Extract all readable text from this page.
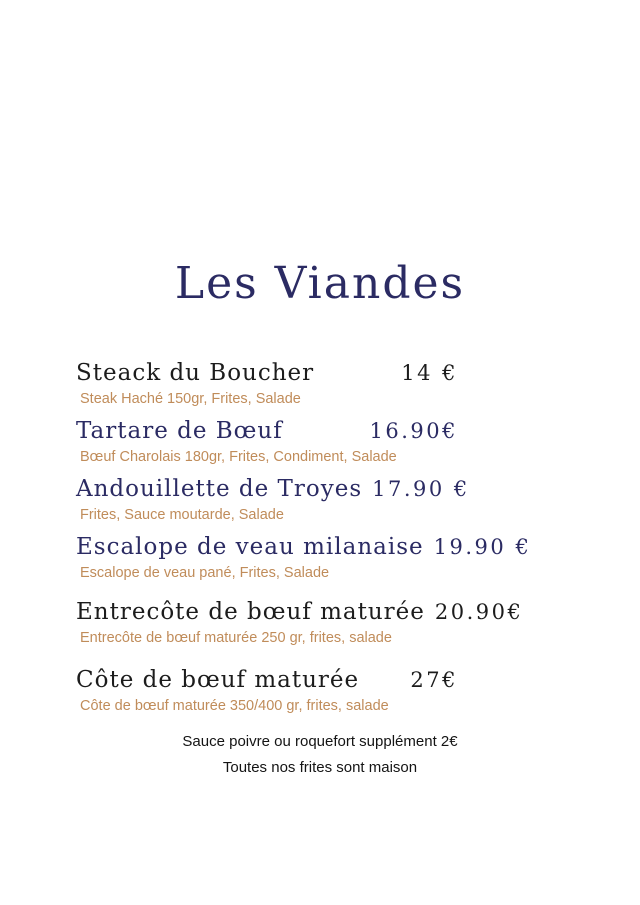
Les Viandes
Steack du Boucher	14 €
Steak Haché 150gr, Frites, Salade
Tartare de Bœuf	16.90€
Bœuf Charolais 180gr, Frites, Condiment, Salade
Andouillette de Troyes 17.90 €
Frites, Sauce moutarde, Salade
Escalope de veau milanaise 19.90 €
Escalope de veau pané, Frites, Salade
Entrecôte de bœuf maturée 20.90€
Entrecôte de bœuf maturée 250 gr, frites, salade
Côte de bœuf maturée 27€
Côte de bœuf maturée 350/400 gr, frites, salade
Sauce poivre ou roquefort supplément 2€
Toutes nos frites sont maison
